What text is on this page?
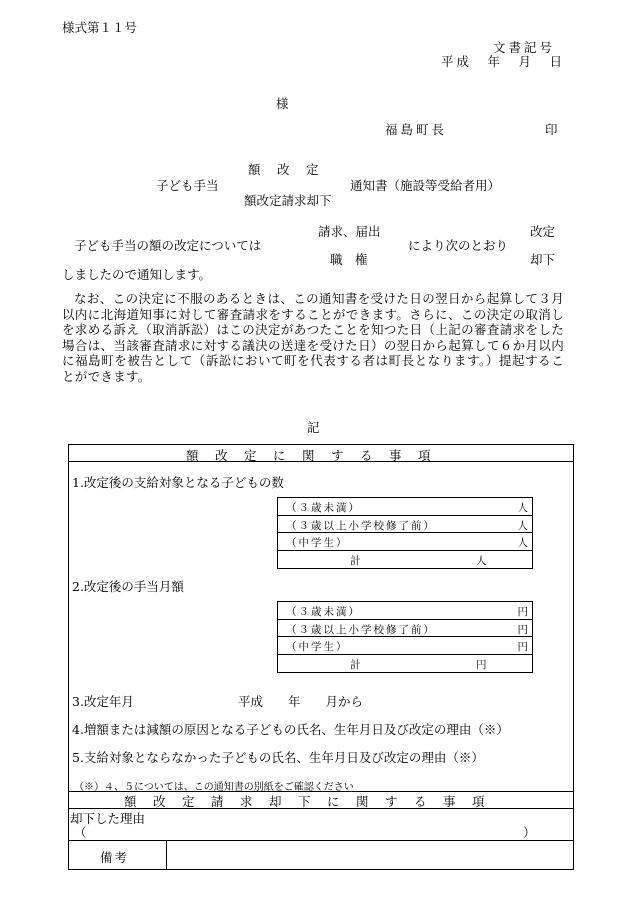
様式第１１号
文書記号
平成　年　月　日
様
福島町長	印
額　改　定
子ども手当	通知書（施設等受給者用）
額改定請求却下
請求、届出	改定
子ども手当の額の改定については	により次のとおり
職　権	却下
しましたので通知します。
なお、この決定に不服のあるときは、この通知書を受けた日の翌日から起算して３月以内に北海道知事に対して審査請求をすることができます。さらに、この決定の取消しを求める訴え（取消訴訟）はこの決定があつたことを知つた日（上記の審査請求をした場合は、当該審査請求に対する議決の送達を受けた日）の翌日から起算して６か月以内に福島町を被告として（訴訟において町を代表する者は町長となります。）提起することができます。
記
額　改　定　に　関　す　る　事　項
1.改定後の支給対象となる子どもの数
（３歳未満）	人
（３歳以上小学校修了前）	人
（中学生）	人
計	人
2.改定後の手当月額
（３歳未満）	円
（３歳以上小学校修了前）	円
（中学生）	円
計	円
3.改定年月	平成　　年　　月から
4.増額または減額の原因となる子どもの氏名、生年月日及び改定の理由（※）
5.支給対象とならなかった子どもの氏名、生年月日及び改定の理由（※）
（※）４、５については、この通知書の別紙をご確認ください
額　改　定　請　求　却　下　に　関　す　る　事　項
却下した理由
（	）
備考
